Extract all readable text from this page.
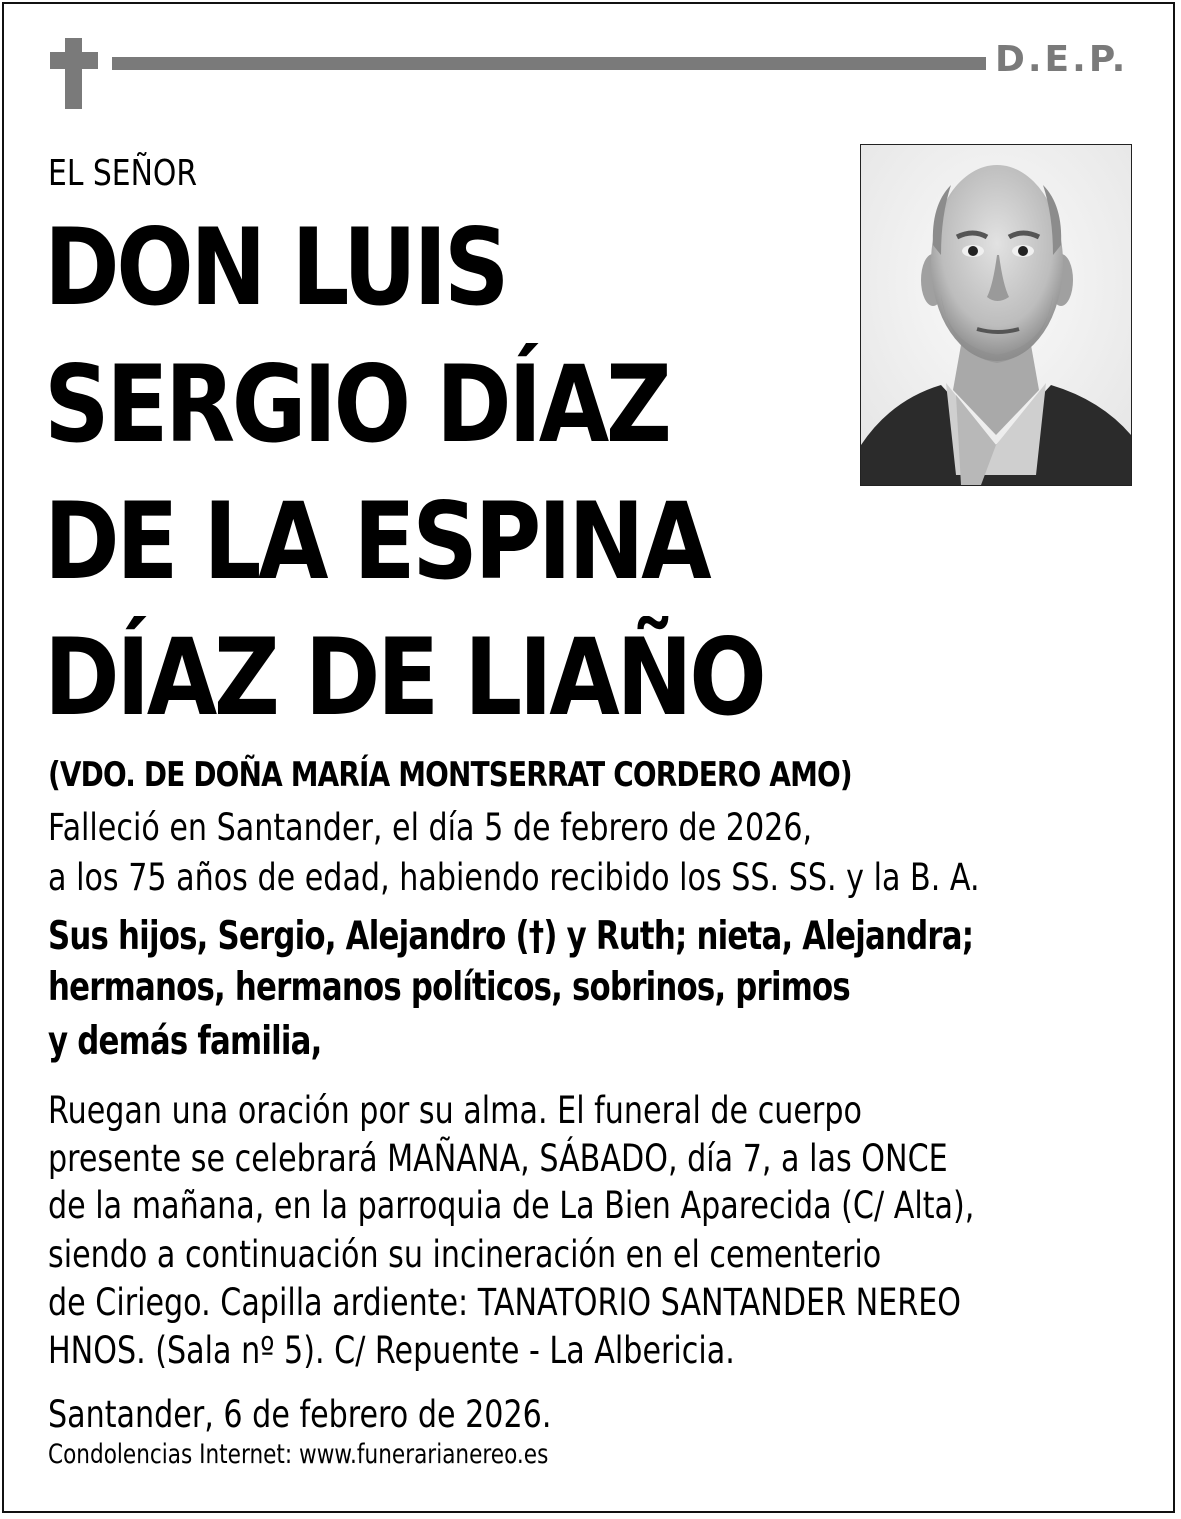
D.E.P.
EL SEÑOR
DON LUIS
SERGIO DÍAZ
DE LA ESPINA
DÍAZ DE LIAÑO
(VDO. DE DOÑA MARÍA MONTSERRAT CORDERO AMO)
Falleció en Santander, el día 5 de febrero de 2026,
a los 75 años de edad, habiendo recibido los SS. SS. y la B. A.
Sus hijos, Sergio, Alejandro (†) y Ruth; nieta, Alejandra;
hermanos, hermanos políticos, sobrinos, primos
y demás familia,
Ruegan una oración por su alma. El funeral de cuerpo
presente se celebrará MAÑANA, SÁBADO, día 7, a las ONCE
de la mañana, en la parroquia de La Bien Aparecida (C/ Alta),
siendo a continuación su incineración en el cementerio
de Ciriego. Capilla ardiente: TANATORIO SANTANDER NEREO
HNOS. (Sala nº 5). C/ Repuente - La Albericia.
Santander, 6 de febrero de 2026.
Condolencias Internet: www.funerarianereo.es
